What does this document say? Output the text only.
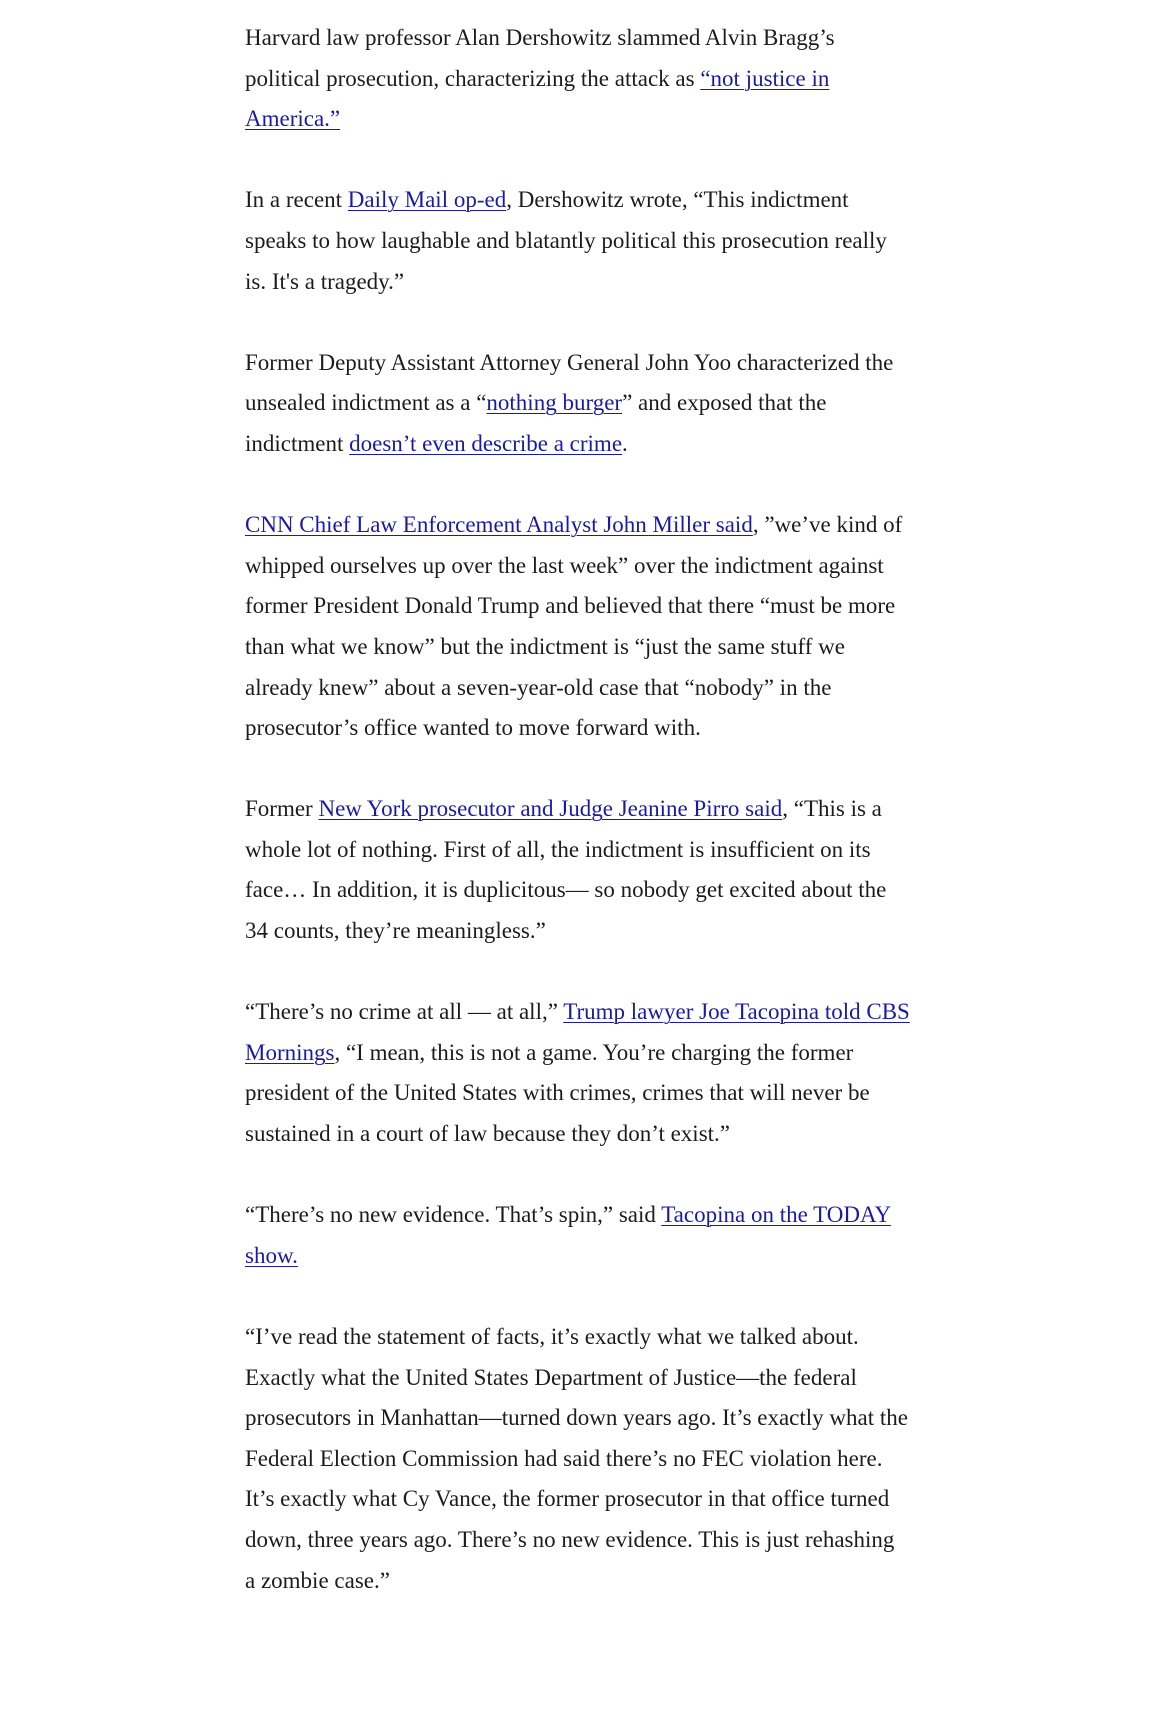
Harvard law professor Alan Dershowitz slammed Alvin Bragg’s political prosecution, characterizing the attack as “not justice in America.”

In a recent Daily Mail op-ed, Dershowitz wrote, “This indictment speaks to how laughable and blatantly political this prosecution really is. It's a tragedy.”

Former Deputy Assistant Attorney General John Yoo characterized the unsealed indictment as a “nothing burger” and exposed that the indictment doesn’t even describe a crime.

CNN Chief Law Enforcement Analyst John Miller said, ”we’ve kind of whipped ourselves up over the last week” over the indictment against former President Donald Trump and believed that there “must be more than what we know” but the indictment is “just the same stuff we already knew” about a seven-year-old case that “nobody” in the prosecutor’s office wanted to move forward with.

Former New York prosecutor and Judge Jeanine Pirro said, “This is a whole lot of nothing. First of all, the indictment is insufficient on its face… In addition, it is duplicitous— so nobody get excited about the 34 counts, they’re meaningless.”

“There’s no crime at all — at all,” Trump lawyer Joe Tacopina told CBS Mornings, “I mean, this is not a game. You’re charging the former president of the United States with crimes, crimes that will never be sustained in a court of law because they don’t exist.”

“There’s no new evidence. That’s spin,” said Tacopina on the TODAY show.

“I’ve read the statement of facts, it’s exactly what we talked about. Exactly what the United States Department of Justice—the federal prosecutors in Manhattan—turned down years ago. It’s exactly what the Federal Election Commission had said there’s no FEC violation here. It’s exactly what Cy Vance, the former prosecutor in that office turned down, three years ago. There’s no new evidence. This is just rehashing a zombie case.”
